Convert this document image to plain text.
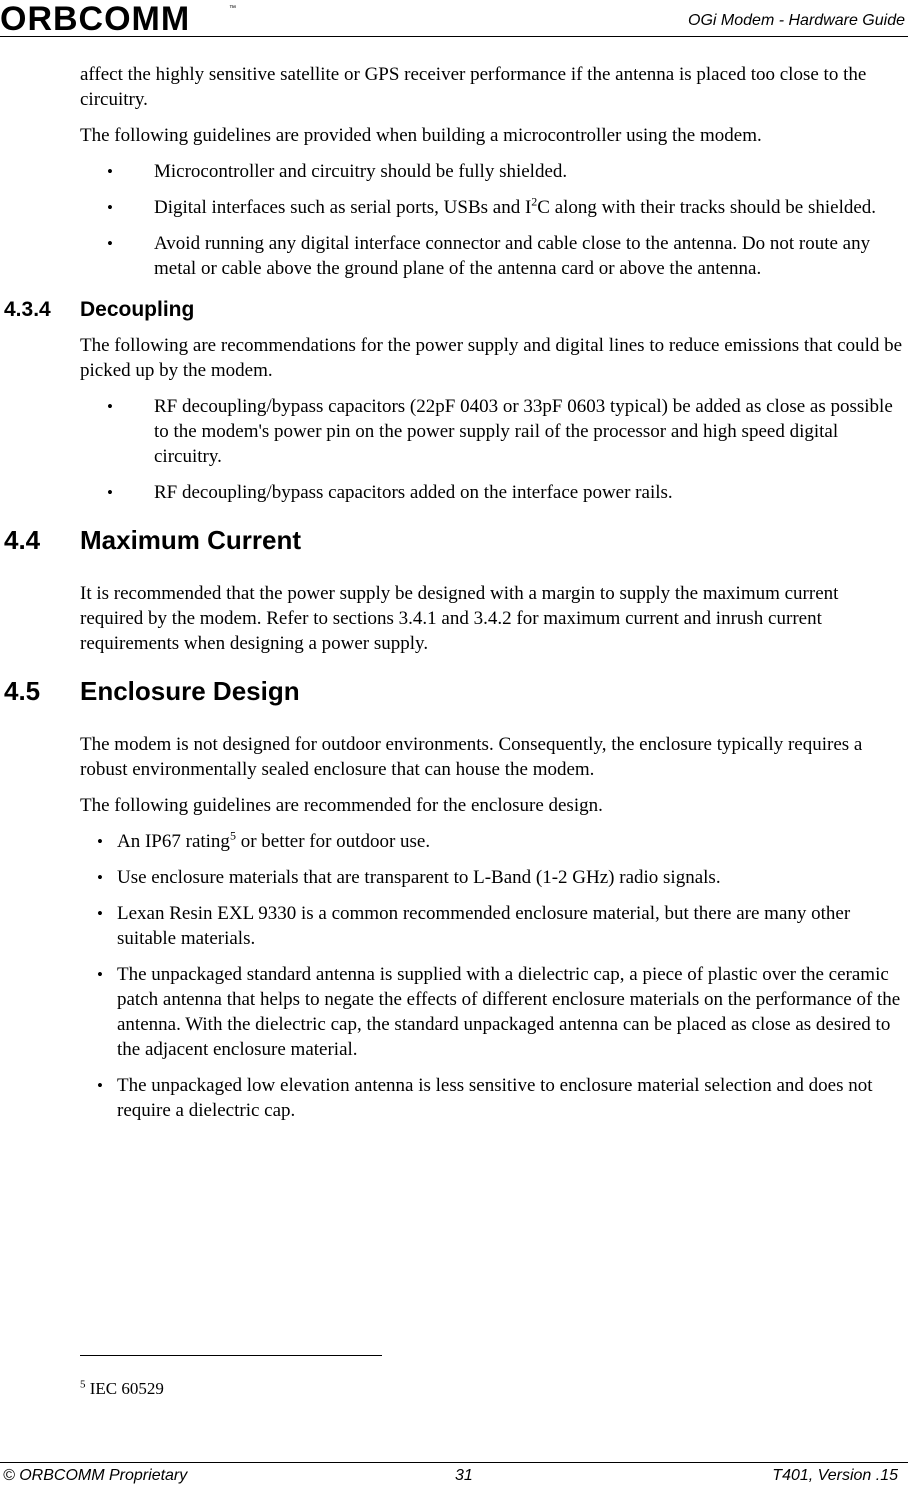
ORBCOMM	™
OGi Modem - Hardware Guide

affect the highly sensitive satellite or GPS receiver performance if the antenna is placed too close to the circuitry.

The following guidelines are provided when building a microcontroller using the modem.

• Microcontroller and circuitry should be fully shielded.
• Digital interfaces such as serial ports, USBs and $I^2C$ along with their tracks should be shielded.
• Avoid running any digital interface connector and cable close to the antenna. Do not route any metal or cable above the ground plane of the antenna card or above the antenna.
4.3.4 Decoupling

The following are recommendations for the power supply and digital lines to reduce emissions that could be picked up by the modem.

• RF decoupling/bypass capacitors (22pF 0403 or 33pF 0603 typical) be added as close as possible to the modem's power pin on the power supply rail of the processor and high speed digital circuitry.
• RF decoupling/bypass capacitors added on the interface power rails.
4.4 Maximum Current

It is recommended that the power supply be designed with a margin to supply the maximum current required by the modem. Refer to sections 3.4.1 and 3.4.2 for maximum current and inrush current requirements when designing a power supply.

4.5 Enclosure Design

The modem is not designed for outdoor environments. Consequently, the enclosure typically requires a robust environmentally sealed enclosure that can house the modem.

The following guidelines are recommended for the enclosure design.

• An IP67 rating$^5$ or better for outdoor use.
• Use enclosure materials that are transparent to L-Band (1-2 GHz) radio signals.
• Lexan Resin EXL 9330 is a common recommended enclosure material, but there are many other suitable materials.
• The unpackaged standard antenna is supplied with a dielectric cap, a piece of plastic over the ceramic patch antenna that helps to negate the effects of different enclosure materials on the performance of the antenna. With the dielectric cap, the standard unpackaged antenna can be placed as close as desired to the adjacent enclosure material.
• The unpackaged low elevation antenna is less sensitive to enclosure material selection and does not require a dielectric cap.
$^5$ IEC 60529
© ORBCOMM Proprietary	31	T401, Version .15
